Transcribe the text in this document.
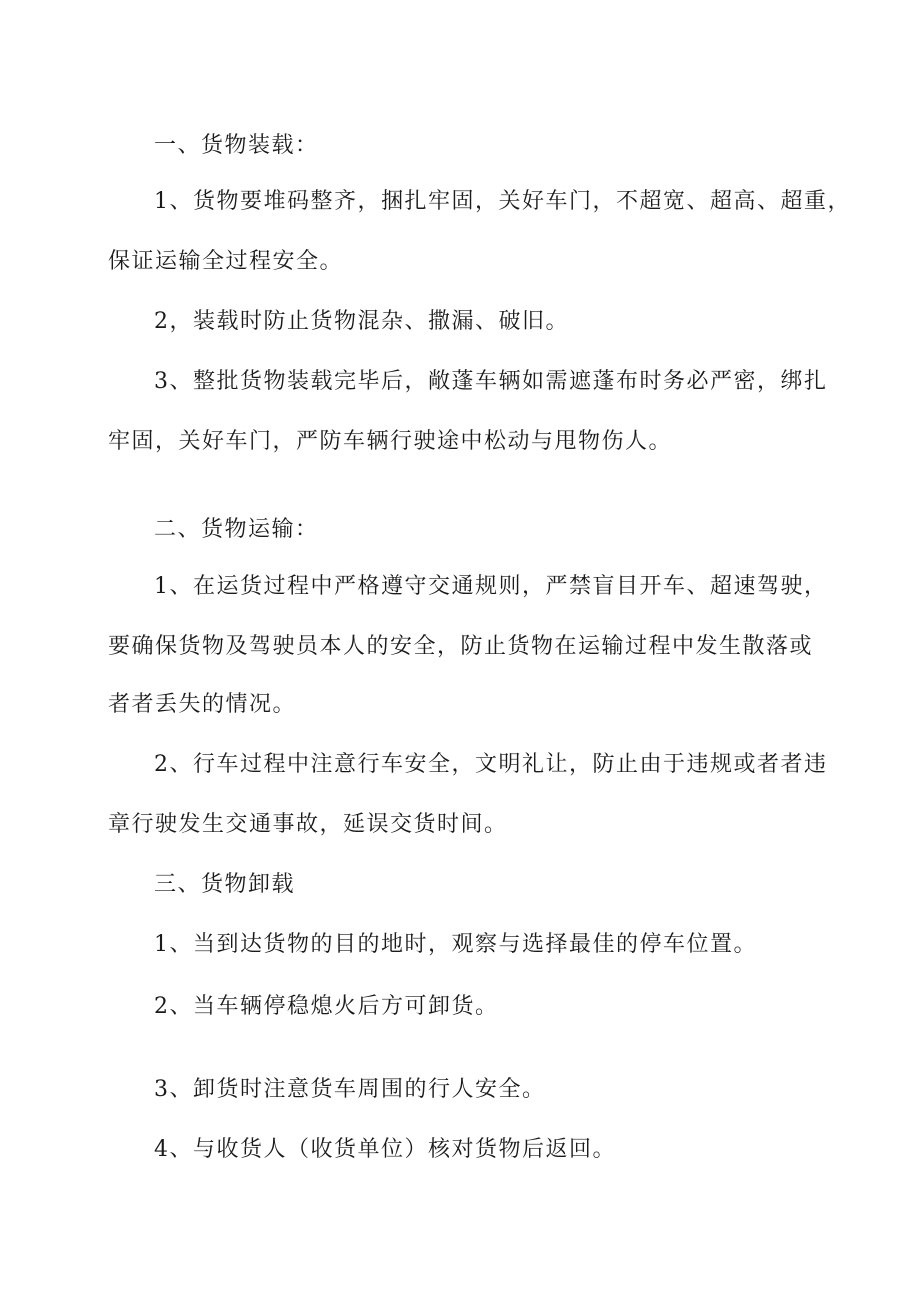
一、货物装载：
1、货物要堆码整齐，捆扎牢固，关好车门，不超宽、超高、超重，
保证运输全过程安全。
2，装载时防止货物混杂、撒漏、破旧。
3、整批货物装载完毕后，敞蓬车辆如需遮蓬布时务必严密，绑扎
牢固，关好车门，严防车辆行驶途中松动与甩物伤人。
二、货物运输：
1、在运货过程中严格遵守交通规则，严禁盲目开车、超速驾驶，
要确保货物及驾驶员本人的安全，防止货物在运输过程中发生散落或
者者丢失的情况。
2、行车过程中注意行车安全，文明礼让，防止由于违规或者者违
章行驶发生交通事故，延误交货时间。
三、货物卸载
1、当到达货物的目的地时，观察与选择最佳的停车位置。
2、当车辆停稳熄火后方可卸货。
3、卸货时注意货车周围的行人安全。
4、与收货人（收货单位）核对货物后返回。
